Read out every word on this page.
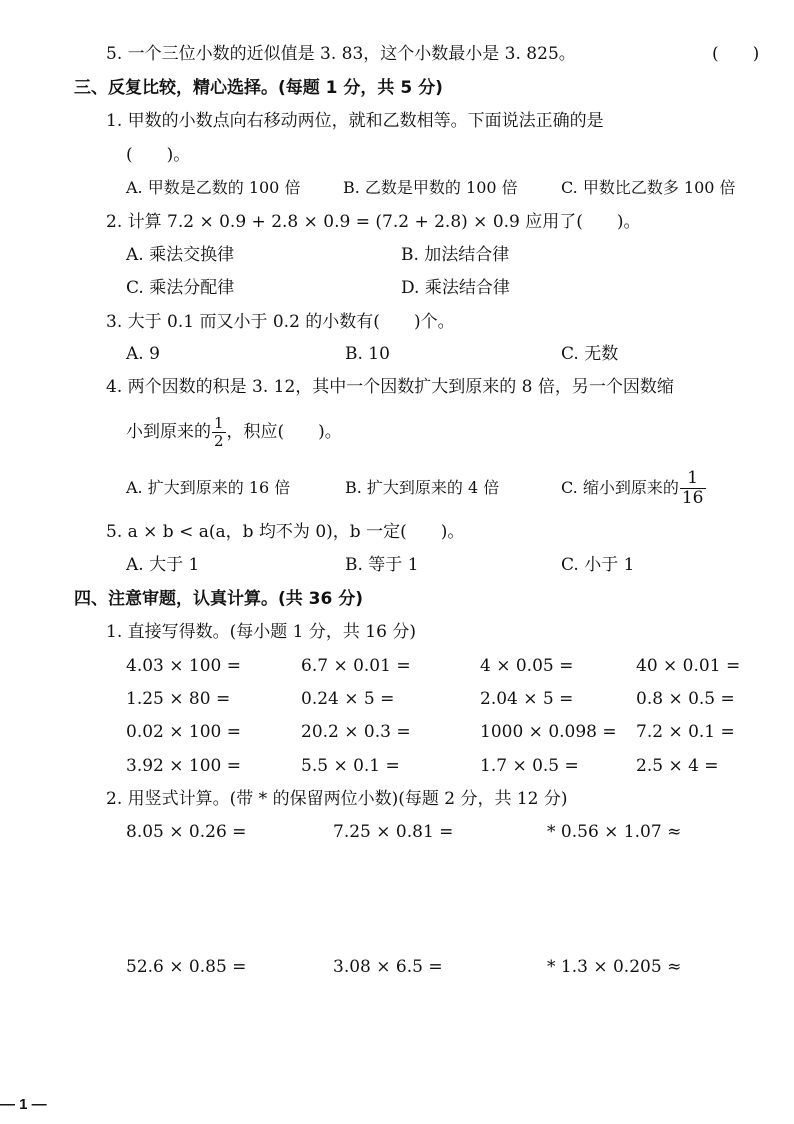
5. 一个三位小数的近似值是 3. 83，这个小数最小是 3. 825。	(　　)
三、反复比较，精心选择。(每题 1 分，共 5 分)
1. 甲数的小数点向右移动两位，就和乙数相等。下面说法正确的是
(　　)。
A. 甲数是乙数的 100 倍	B. 乙数是甲数的 100 倍	C. 甲数比乙数多 100 倍
2. 计算 7.2 × 0.9 + 2.8 × 0.9 = (7.2 + 2.8) × 0.9 应用了(　　)。
A. 乘法交换律	B. 加法结合律
C. 乘法分配律	D. 乘法结合律
3. 大于 0.1 而又小于 0.2 的小数有(　　)个。
A. 9	B. 10	C. 无数
4. 两个因数的积是 3. 12，其中一个因数扩大到原来的 8 倍，另一个因数缩
小到原来的 $\frac{1}{2}$ ，积应(　　)。
A. 扩大到原来的 16 倍	B. 扩大到原来的 4 倍	C. 缩小到原来的 $\frac{1}{16}$
5. a × b < a(a，b 均不为 0)，b 一定(　　)。
A. 大于 1	B. 等于 1	C. 小于 1
四、注意审题，认真计算。(共 36 分)
1. 直接写得数。(每小题 1 分，共 16 分)
4.03 × 100 =	6.7 × 0.01 =	4 × 0.05 =	40 × 0.01 =
1.25 × 80 =	0.24 × 5 =	2.04 × 5 =	0.8 × 0.5 =
0.02 × 100 =	20.2 × 0.3 =	1000 × 0.098 = 7.2 × 0.1 =
3.92 × 100 =	5.5 × 0.1 =	1.7 × 0.5 =	2.5 × 4 =
2. 用竖式计算。(带 * 的保留两位小数)(每题 2 分，共 12 分)
8.05 × 0.26 =	7.25 × 0.81 =	* 0.56 × 1.07 ≈
52.6 × 0.85 =	3.08 × 6.5 =	* 1.3 × 0.205 ≈
— 1 —
